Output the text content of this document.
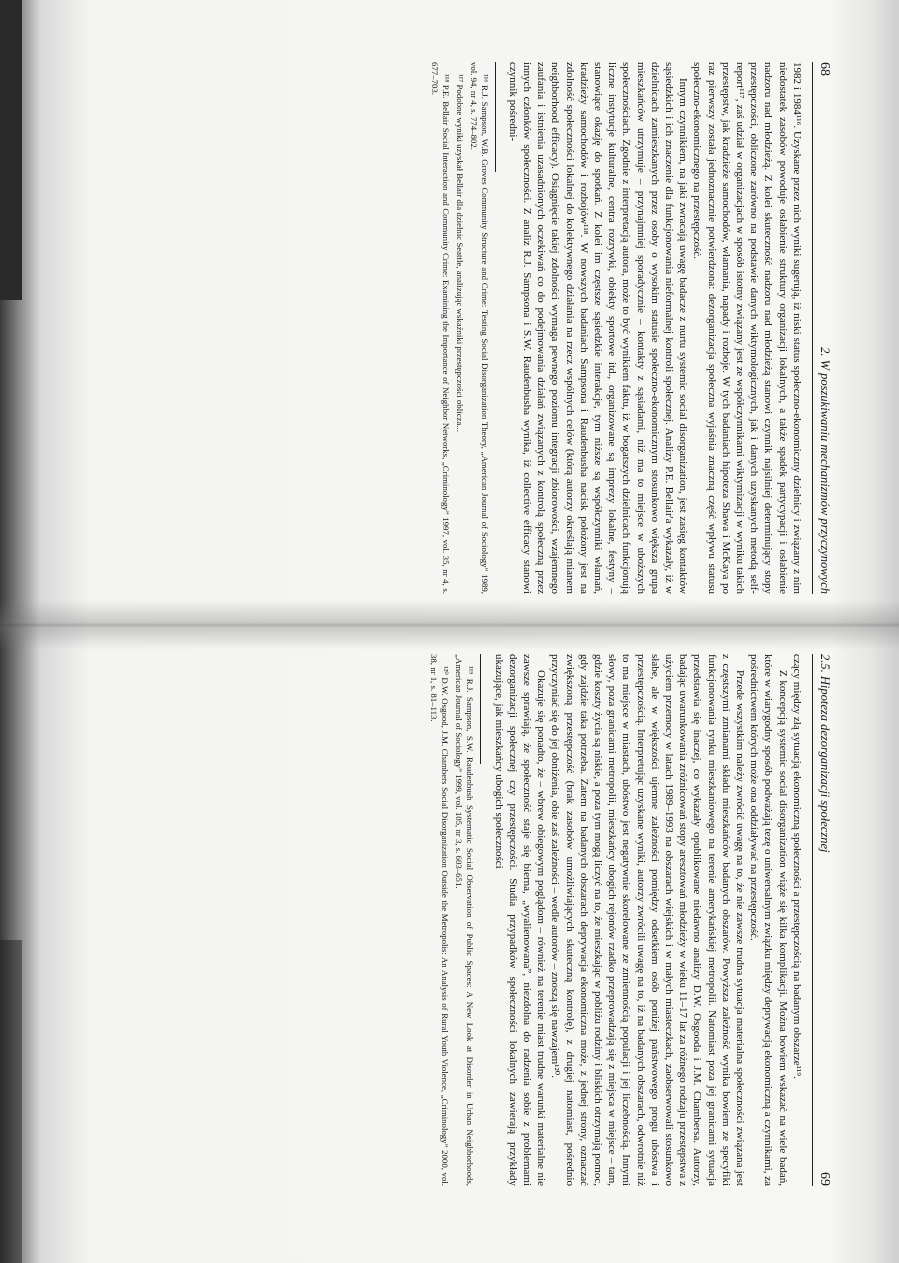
68
2. W poszukiwaniu mechanizmów przyczynowych

1982 i 1984¹¹⁶. Uzyskane przez nich wyniki sugerują, iż niski status społeczno-ekonomiczny dzielnicy i związany z nim niedostatek zasobów powoduje osłabienie struktury organizacji lokalnych, a także spadek partycypacji i osłabienie nadzoru nad młodzieżą. Z kolei skuteczność nadzoru nad młodzieżą stanowi czynnik najsilniej determinujący stopy przestępczości, obliczone zarówno na podstawie danych wiktymologicznych, jak i danych uzyskanych metodą self-report¹¹⁷, zaś udział w organizacjach w sposób istotny związany jest ze współczynnikami wiktymizacji w wyniku takich przestępstw, jak kradzieże samochodów, włamania, napady i rozboje. W tych badaniach hipoteza Shawa i McKaya po raz pierwszy została jednoznacznie potwierdzona: dezorganizacja społeczna wyjaśnia znaczną część wpływu statusu społeczno-ekonomicznego na przestępczość.

Innym czynnikiem, na jaki zwracają uwagę badacze z nurtu systemic social disorganization, jest zasięg kontaktów sąsiedzkich i ich znaczenie dla funkcjonowania nieformalnej kontroli społecznej. Analizy P.E. Bellair'a wykazały, iż w dzielnicach zamieszkanych przez osoby o wysokim statusie społeczno-ekonomicznym stosunkowo większa grupa mieszkańców utrzymuje – przynajmniej sporadycznie – kontakty z sąsiadami, niż ma to miejsce w uboższych społecznościach. Zgodnie z interpretacją autora, może to być wynikiem faktu, iż w bogatszych dzielnicach funkcjonują liczne instytucje kulturalne, centra rozrywki, obiekty sportowe itd., organizowane są imprezy lokalne, festyny – stanowiące okazję do spotkań. Z kolei im częstsze sąsiedzkie interakcje, tym niższe są współczynniki włamań, kradzieży samochodów i rozbojów¹¹⁸. W nowszych badaniach Sampsona i Raudenbusha nacisk położony jest na zdolność społeczności lokalnej do kolektywnego działania na rzecz wspólnych celów (którą autorzy określają mianem neighborhood efficacy). Osiągnięcie takiej zdolności wymaga pewnego poziomu integracji zbiorowości, wzajemnego zaufania i istnienia uzasadnionych oczekiwań co do podejmowania działań związanych z kontrolą społeczną przez innych członków społeczności. Z analiz R.J. Sampsona i S.W. Raudenbusha wynika, iż collective efficacy stanowi czynnik pośredni-

¹¹⁶ R.J. Sampson, W.B. Groves Community Structure and Crime: Testing Social Disorganization Theory, „American Journal of Sociology” 1989, vol. 94, nr 4, s. 774–802.

¹¹⁷ Podobne wyniki uzyskał Bellair dla dzielnic Seattle, analizując wskaźniki przestępczości oblicza...

¹¹⁸ P.E. Bellair Social Interaction and Community Crime: Examining the Importance of Neighbor Networks, „Criminology” 1997, vol. 35, nr 4, s. 677–703.

2.5. Hipoteza dezorganizacji społecznej
69

czący między złą sytuacją ekonomiczną społeczności a przestępczością na badanym obszarze¹¹⁹.

Z koncepcją systemic social disorganization wiąże się kilka komplikacji. Można bowiem wskazać na wiele badań, które w wiarygodny sposób podważają tezę o uniwersalnym związku między deprywacją ekonomiczną a czynnikami, za pośrednictwem których może ona oddziaływać na przestępczość.

Przede wszystkim należy zwrócić uwagę na to, że nie zawsze trudna sytuacja materialna społeczności związana jest z częstszymi zmianami składu mieszkańców badanych obszarów. Powyższa zależność wynika bowiem ze specyfiki funkcjonowania rynku mieszkaniowego na terenie amerykańskiej metropolii. Natomiast poza jej granicami sytuacja przedstawia się inaczej, co wykazały opublikowane niedawno analizy D.W. Osgooda i J.M. Chambersa. Autorzy, badając uwarunkowania zróżnicowań stopy aresztowań młodzieży w wieku 11–17 lat za różnego rodzaju przestępstwa z użyciem przemocy w latach 1989–1993 na obszarach wiejskich i w małych miasteczkach, zaobserwowali stosunkowo słabe, ale w większości ujemne zależności pomiędzy odsetkiem osób poniżej państwowego progu ubóstwa i przestępczością. Interpretując uzyskane wyniki, autorzy zwrócili uwagę na to, iż na badanych obszarach, odwrotnie niż to ma miejsce w miastach, ubóstwo jest negatywnie skorelowane ze zmiennością populacji i jej liczebnością. Innymi słowy, poza granicami metropolii, mieszkańcy ubogich rejonów rzadko przeprowadzają się z miejsca w miejsce – tam, gdzie koszty życia są niskie, a poza tym mogą liczyć na to, że mieszkając w pobliżu rodziny i bliskich otrzymają pomoc, gdy zajdzie taka potrzeba. Zatem na badanych obszarach deprywacja ekonomiczna może, z jednej strony, oznaczać zwiększoną przestępczość (brak zasobów umożliwiających skuteczną kontrolę), z drugiej natomiast, pośrednio przyczyniać się do jej obniżenia, obie zaś zależności – wedle autorów – znoszą się nawzajem¹²⁰.

Okazuje się ponadto, że – wbrew obiegowym poglądom – również na terenie miast trudne warunki materialne nie zawsze sprawiają, że społeczność staje się bierna, „wyalienowana”, niezdolna do radzenia sobie z problemami dezorganizacji społecznej czy przestępczości. Studia przypadków społeczności lokalnych zawierają przykłady ukazujące, jak mieszkańcy ubogich społeczności

¹¹⁹ R.J. Sampson, S.W. Raudenbush Systematic Social Observation of Public Spaces: A New Look at Disorder in Urban Neighborhoods, „American Journal of Sociology” 1999, vol. 105, nr 3, s. 603–651.

¹²⁰ D.W. Osgood, J.M. Chambers Social Disorganization Outside the Metropolis: An Analysis of Rural Youth Violence, „Criminology” 2000, vol. 38, nr 1, s. 81–113.
